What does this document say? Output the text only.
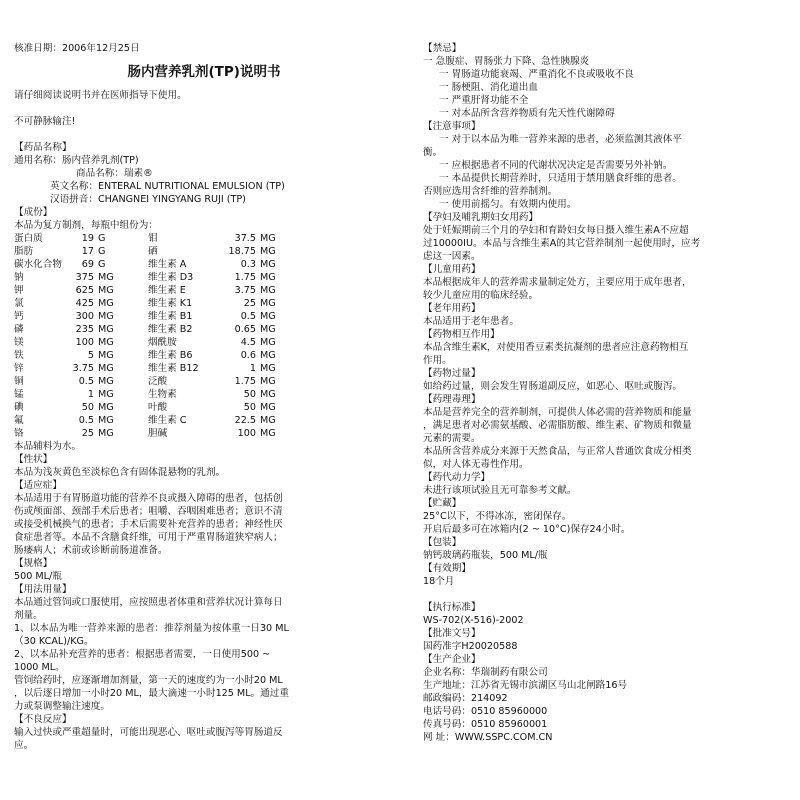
核准日期：2006年12月25日

肠内营养乳剂(TP)说明书

请仔细阅读说明书并在医师指导下使用。

不可静脉输注!

【药品名称】

通用名称：肠内营养乳剂(TP)

商品名称：瑞素®

英文名称：ENTERAL NUTRITIONAL EMULSION (TP)

汉语拼音：CHANGNEI YINGYANG RUJI (TP)

【成份】

本品为复方制剂，每瓶中组份为：

蛋白质	19	G	钼	37.5	MG
脂肪	17	G	硒	18.75	MG
碳水化合物	69	G	维生素 A	0.3	MG
钠	375	MG	维生素 D3	1.75	MG
钾	625	MG	维生素 E	3.75	MG
氯	425	MG	维生素 K1	25	MG
钙	300	MG	维生素 B1	0.5	MG
磷	235	MG	维生素 B2	0.65	MG
镁	100	MG	烟酰胺	4.5	MG
铁	5	MG	维生素 B6	0.6	MG
锌	3.75	MG	维生素 B12	1	MG
铜	0.5	MG	泛酸	1.75	MG
锰	1	MG	生物素	50	MG
碘	50	MG	叶酸	50	MG
氟	0.5	MG	维生素 C	22.5	MG
铬	25	MG	胆碱	100	MG

本品辅料为水。

【性状】

本品为浅灰黄色至淡棕色含有固体混悬物的乳剂。

【适应症】

本品适用于有胃肠道功能的营养不良或摄入障碍的患者，包括创

伤或颅面部、颈部手术后患者；咀嚼、吞咽困难患者；意识不清

或接受机械换气的患者；手术后需要补充营养的患者；神经性厌

食症患者等。本品不含膳食纤维，可用于严重胃肠道狭窄病人；

肠瘘病人；术前或诊断前肠道准备。

【规格】

500 ML/瓶

【用法用量】

本品通过管饲或口服使用，应按照患者体重和营养状况计算每日

剂量。

1、以本品为唯一营养来源的患者：推荐剂量为按体重一日30 ML

（30 KCAL)/KG。

2、以本品补充营养的患者：根据患者需要，一日使用500 ~

1000 ML。

管饲给药时，应逐渐增加剂量，第一天的速度约为一小时20 ML

，以后逐日增加一小时20 ML，最大滴速一小时125 ML。通过重

力或泵调整输注速度。

【不良反应】

输入过快或严重超量时，可能出现恶心、呕吐或腹泻等胃肠道反

应。

【禁忌】

一 急腹症、胃肠张力下降、急性胰腺炎

一 胃肠道功能衰竭、严重消化不良或吸收不良

一 肠梗阻、消化道出血

一 严重肝肾功能不全

一 对本品所含营养物质有先天性代谢障碍

【注意事项】

一 对于以本品为唯一营养来源的患者，必须监测其液体平

衡。

一 应根据患者不同的代谢状况决定是否需要另外补钠。

一 本品提供长期营养时，只适用于禁用膳食纤维的患者。

否则应选用含纤维的营养制剂。

一 使用前摇匀。有效期内使用。

【孕妇及哺乳期妇女用药】

处于妊娠期前三个月的孕妇和育龄妇女每日摄入维生素A不应超

过10000IU。本品与含维生素A的其它营养制剂一起使用时，应考

虑这一因素。

【儿童用药】

本品根据成年人的营养需求量制定处方，主要应用于成年患者，

较少儿童应用的临床经验。

【老年用药】

本品适用于老年患者。

【药物相互作用】

本品含维生素K，对使用香豆素类抗凝剂的患者应注意药物相互

作用。

【药物过量】

如给药过量，则会发生胃肠道副反应，如恶心、呕吐或腹泻。

【药理毒理】

本品是营养完全的营养制剂，可提供人体必需的营养物质和能量

，满足患者对必需氨基酸、必需脂肪酸、维生素、矿物质和微量

元素的需要。

本品所含营养成分来源于天然食品，与正常人普通饮食成分相类

似，对人体无毒性作用。

【药代动力学】

未进行该项试验且无可靠参考文献。

【贮藏】

25°C以下，不得冰冻，密闭保存。

开启后最多可在冰箱内(2 ~ 10°C)保存24小时。

【包装】

钠钙玻璃药瓶装，500 ML/瓶

【有效期】

18个月

【执行标准】

WS-702(X-516)-2002

【批准文号】

国药准字H20020588

【生产企业】

企业名称：华瑞制药有限公司

生产地址：江苏省无锡市滨湖区马山北闸路16号

邮政编码：214092

电话号码：0510 85960000

传真号码：0510 85960001

网 址：WWW.SSPC.COM.CN
